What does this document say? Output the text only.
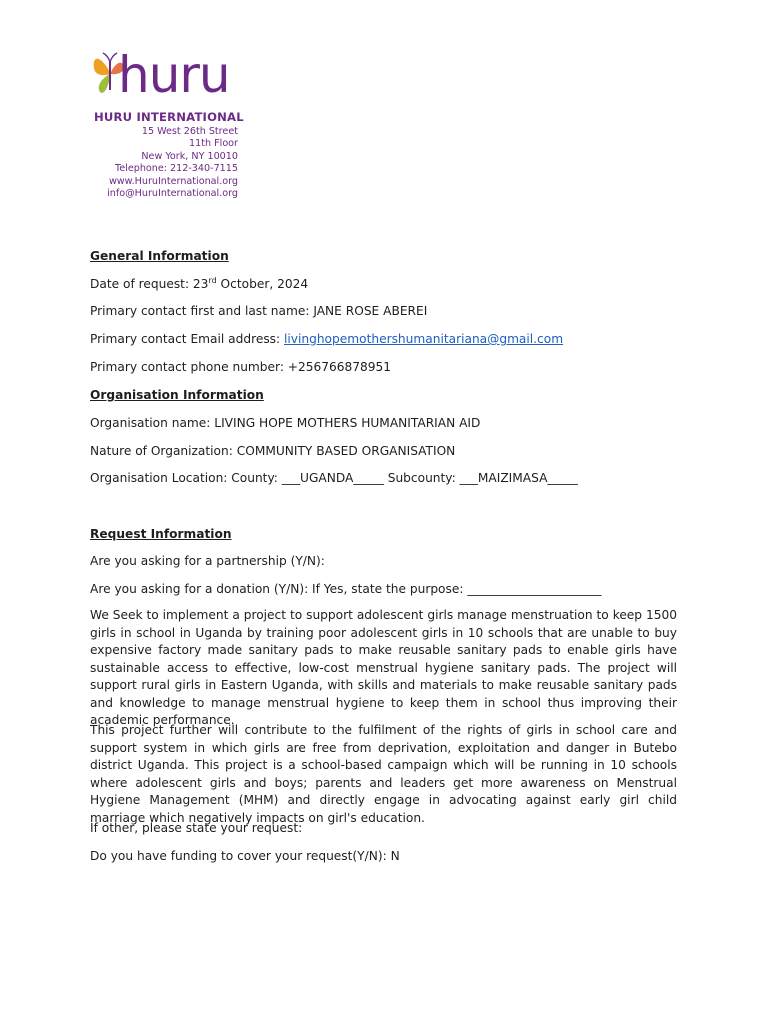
huru
HURU INTERNATIONAL
15 West 26th Street
11th Floor
New York, NY 10010
Telephone: 212-340-7115
www.HuruInternational.org
info@HuruInternational.org
General Information
Date of request: 23rd October, 2024
Primary contact first and last name: JANE ROSE ABEREI
Primary contact Email address: livinghopemothershumanitariana@gmail.com
Primary contact phone number: +256766878951
Organisation Information
Organisation name: LIVING HOPE MOTHERS HUMANITARIAN AID
Nature of Organization: COMMUNITY BASED ORGANISATION
Organisation Location: County: ___UGANDA_____ Subcounty: ___MAIZIMASA_____
Request Information
Are you asking for a partnership (Y/N):
Are you asking for a donation (Y/N): If Yes, state the purpose: ______________________
We Seek to implement a project to support adolescent girls manage menstruation to keep 1500 girls in school in Uganda by training poor adolescent girls in 10 schools that are unable to buy expensive factory made sanitary pads to make reusable sanitary pads to enable girls have sustainable access to effective, low-cost menstrual hygiene sanitary pads. The project will support rural girls in Eastern Uganda, with skills and materials to make reusable sanitary pads and knowledge to manage menstrual hygiene to keep them in school thus improving their academic performance.
This project further will contribute to the fulfilment of the rights of girls in school care and support system in which girls are free from deprivation, exploitation and danger in Butebo district Uganda. This project is a school-based campaign which will be running in 10 schools where adolescent girls and boys; parents and leaders get more awareness on Menstrual Hygiene Management (MHM) and directly engage in advocating against early girl child marriage which negatively impacts on girl's education.
If other, please state your request:
Do you have funding to cover your request(Y/N): N
